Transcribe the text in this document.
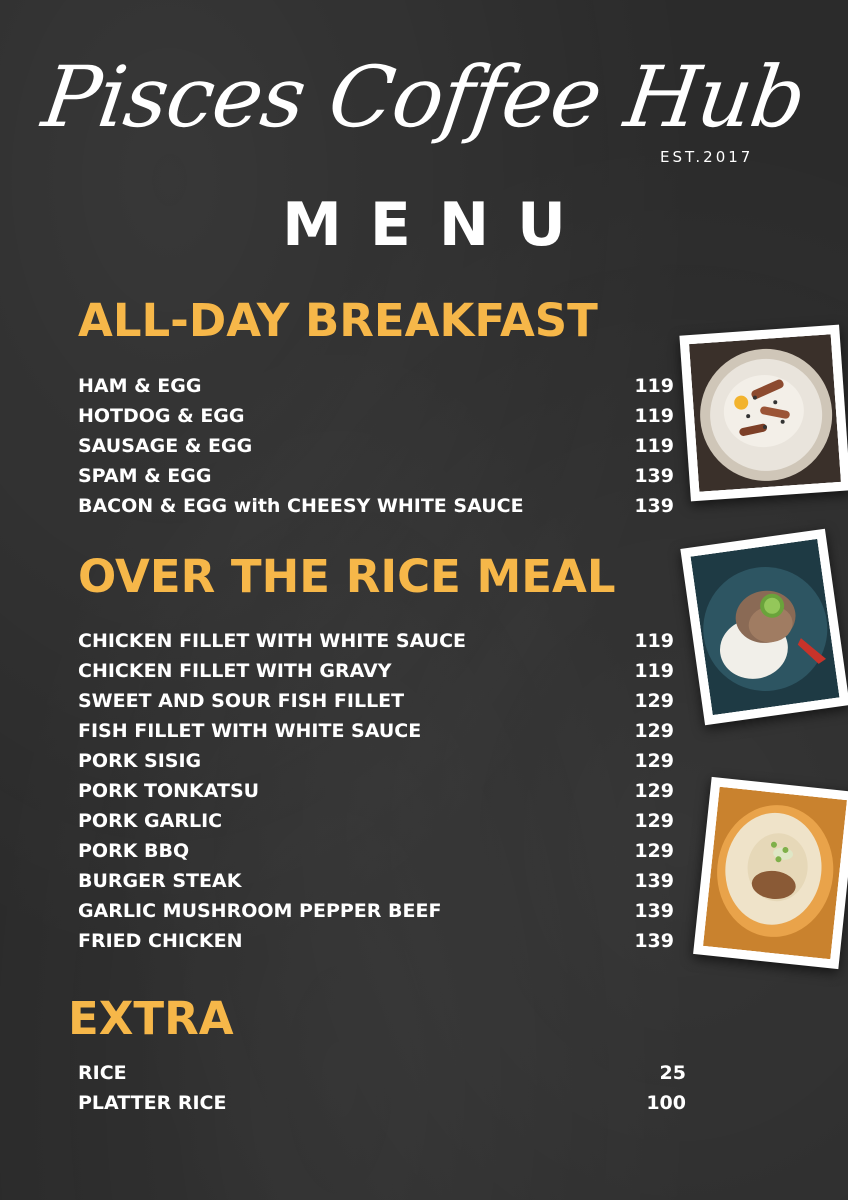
Pisces Coffee Hub
EST.2017
MENU
ALL-DAY BREAKFAST
HAM & EGG	119
HOTDOG & EGG	119
SAUSAGE & EGG	119
SPAM & EGG	139
BACON & EGG with CHEESY WHITE SAUCE	139
OVER THE RICE MEAL
CHICKEN FILLET WITH WHITE SAUCE	119
CHICKEN FILLET WITH GRAVY	119
SWEET AND SOUR FISH FILLET	129
FISH FILLET WITH WHITE SAUCE	129
PORK SISIG	129
PORK TONKATSU	129
PORK GARLIC	129
PORK BBQ	129
BURGER STEAK	139
GARLIC MUSHROOM PEPPER BEEF	139
FRIED CHICKEN	139
EXTRA
RICE	25
PLATTER RICE	100
